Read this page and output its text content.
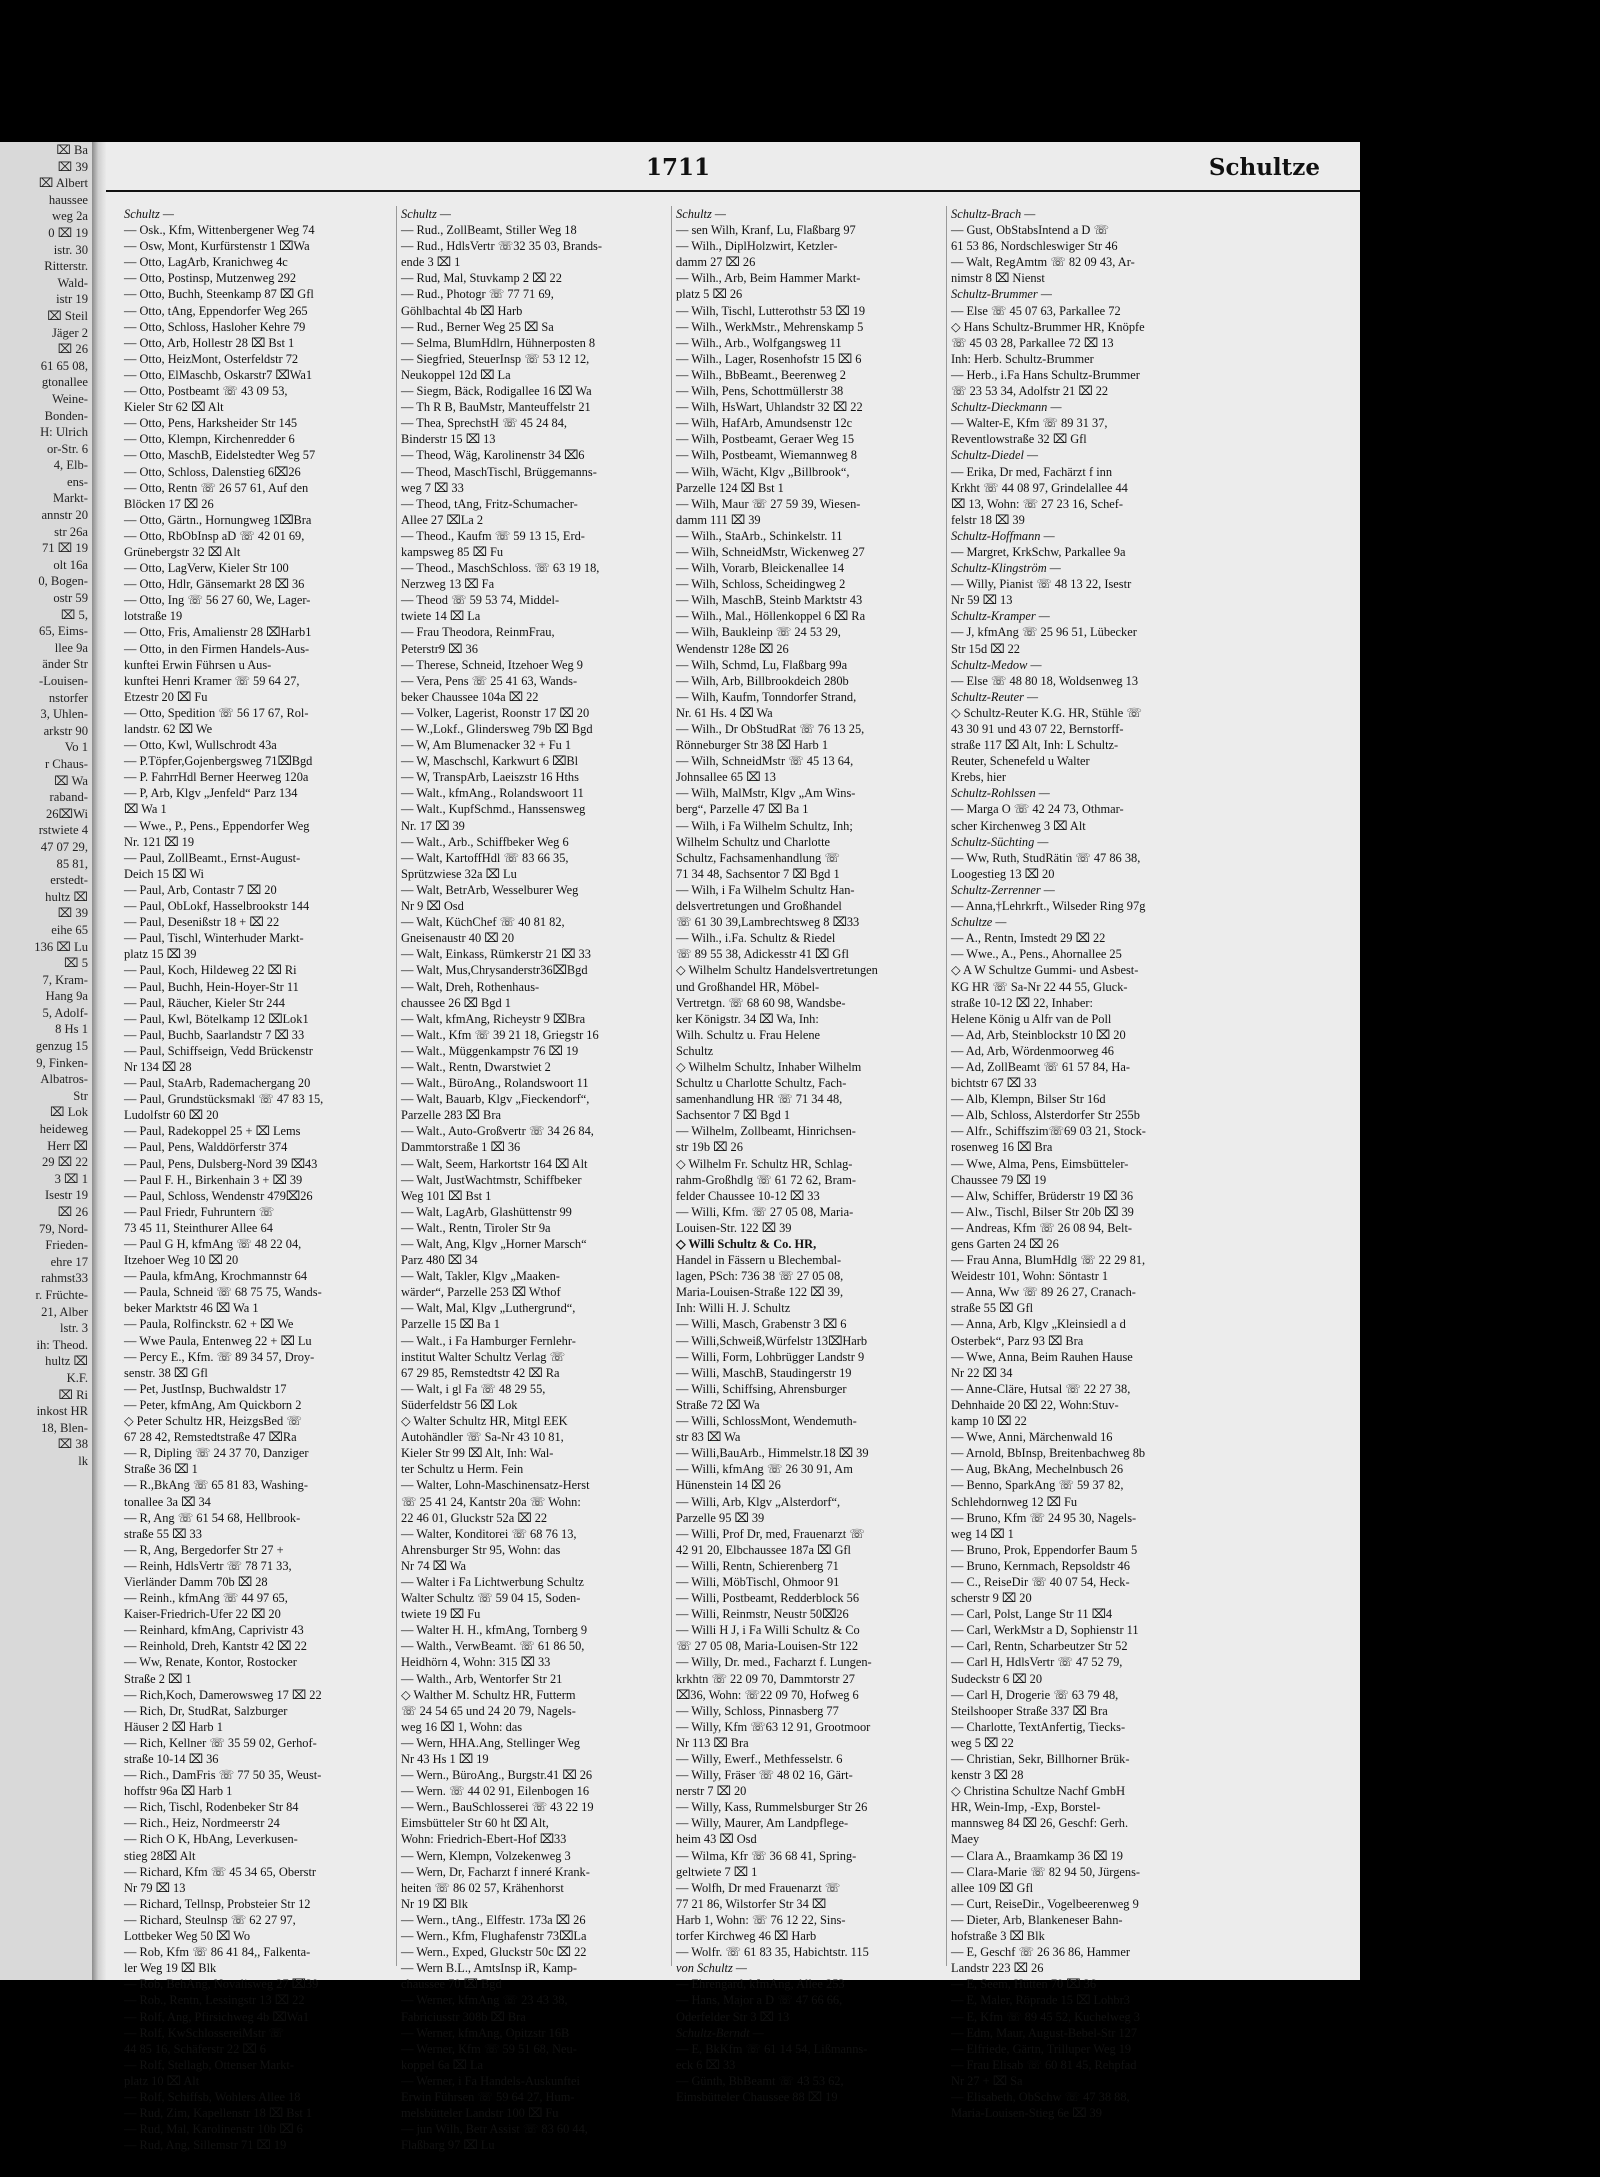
⌧ Ba
⌧ 39
⌧ Albert
haussee
weg 2a
0 ⌧ 19
istr. 30
Ritterstr.
Wald-
istr 19
⌧ Steil
Jäger 2
⌧ 26
61 65 08,
gtonallee
Weine-
Bonden-
H: Ulrich
or-Str. 6
4, Elb-
ens-
Markt-
annstr 20
str 26a
71 ⌧ 19
olt 16a
0, Bogen-
ostr 59
⌧ 5,
65, Eims-
llee 9a
änder Str
-Louisen-
nstorfer
3, Uhlen-
arkstr 90
Vo 1
r Chaus-
⌧ Wa
raband-
26⌧Wi
rstwiete 4
47 07 29,
85 81,
erstedt-
hultz ⌧
⌧ 39
eihe 65
136 ⌧ Lu
⌧ 5
7, Kram-
Hang 9a
5, Adolf-
8 Hs 1
genzug 15
9, Finken-
Albatros-
Str
⌧ Lok
heideweg
Herr ⌧
29 ⌧ 22
3 ⌧ 1
Isestr 19
⌧ 26
79, Nord-
Frieden-
ehre 17
rahmst33
r. Früchte-
21, Alber
lstr. 3
ih: Theod.
hultz ⌧
K.F.
⌧ Ri
inkost HR
18, Blen-
⌧ 38
lk
1711	Schultze
Schultz —
— Osk., Kfm, Wittenbergener Weg 74
— Osw, Mont, Kurfürstenstr 1 ⌧Wa
— Otto, LagArb, Kranichweg 4c
— Otto, Postinsp, Mutzenweg 292
— Otto, Buchh, Steenkamp 87 ⌧ Gfl
— Otto, tAng, Eppendorfer Weg 265
— Otto, Schloss, Hasloher Kehre 79
— Otto, Arb, Hollestr 28 ⌧ Bst 1
— Otto, HeizMont, Osterfeldstr 72
— Otto, ElMaschb, Oskarstr7 ⌧Wa1
— Otto, Postbeamt ☏ 43 09 53,
Kieler Str 62 ⌧ Alt
— Otto, Pens, Harksheider Str 145
— Otto, Klempn, Kirchenredder 6
— Otto, MaschB, Eidelstedter Weg 57
— Otto, Schloss, Dalenstieg 6⌧26
— Otto, Rentn ☏ 26 57 61, Auf den
Blöcken 17 ⌧ 26
— Otto, Gärtn., Hornungweg 1⌧Bra
— Otto, RbObInsp aD ☏ 42 01 69,
Grünebergstr 32 ⌧ Alt
— Otto, LagVerw, Kieler Str 100
— Otto, Hdlr, Gänsemarkt 28 ⌧ 36
— Otto, Ing ☏ 56 27 60, We, Lager-
lotstraße 19
— Otto, Fris, Amalienstr 28 ⌧Harb1
— Otto, in den Firmen Handels-Aus-
kunftei Erwin Führsen u Aus-
kunftei Henri Kramer ☏ 59 64 27,
Etzestr 20 ⌧ Fu
— Otto, Spedition ☏ 56 17 67, Rol-
landstr. 62 ⌧ We
— Otto, Kwl, Wullschrodt 43a
— P.Töpfer,Gojenbergsweg 71⌧Bgd
— P. FahrrHdl Berner Heerweg 120a
— P, Arb, Klgv „Jenfeld“ Parz 134
⌧ Wa 1
— Wwe., P., Pens., Eppendorfer Weg
Nr. 121 ⌧ 19
— Paul, ZollBeamt., Ernst-August-
Deich 15 ⌧ Wi
— Paul, Arb, Contastr 7 ⌧ 20
— Paul, ObLokf, Hasselbrookstr 144
— Paul, Desenißstr 18 + ⌧ 22
— Paul, Tischl, Winterhuder Markt-
platz 15 ⌧ 39
— Paul, Koch, Hildeweg 22 ⌧ Ri
— Paul, Buchh, Hein-Hoyer-Str 11
— Paul, Räucher, Kieler Str 244
— Paul, Kwl, Bötelkamp 12 ⌧Lok1
— Paul, Buchb, Saarlandstr 7 ⌧ 33
— Paul, Schiffseign, Vedd Brückenstr
Nr 134 ⌧ 28
— Paul, StaArb, Rademachergang 20
— Paul, Grundstücksmakl ☏ 47 83 15,
Ludolfstr 60 ⌧ 20
— Paul, Radekoppel 25 + ⌧ Lems
— Paul, Pens, Walddörferstr 374
— Paul, Pens, Dulsberg-Nord 39 ⌧43
— Paul F. H., Birkenhain 3 + ⌧ 39
— Paul, Schloss, Wendenstr 479⌧26
— Paul Friedr, Fuhruntern ☏
73 45 11, Steinthurer Allee 64
— Paul G H, kfmAng ☏ 48 22 04,
Itzehoer Weg 10 ⌧ 20
— Paula, kfmAng, Krochmannstr 64
— Paula, Schneid ☏ 68 75 75, Wands-
beker Marktstr 46 ⌧ Wa 1
— Paula, Rolfinckstr. 62 + ⌧ We
— Wwe Paula, Entenweg 22 + ⌧ Lu
— Percy E., Kfm. ☏ 89 34 57, Droy-
senstr. 38 ⌧ Gfl
— Pet, JustInsp, Buchwaldstr 17
— Peter, kfmAng, Am Quickborn 2
◇ Peter Schultz HR, HeizgsBed ☏
67 28 42, Remstedtstraße 47 ⌧Ra
— R, Dipling ☏ 24 37 70, Danziger
Straße 36 ⌧ 1
— R.,BkAng ☏ 65 81 83, Washing-
tonallee 3a ⌧ 34
— R, Ang ☏ 61 54 68, Hellbrook-
straße 55 ⌧ 33
— R, Ang, Bergedorfer Str 27 +
— Reinh, HdlsVertr ☏ 78 71 33,
Vierländer Damm 70b ⌧ 28
— Reinh., kfmAng ☏ 44 97 65,
Kaiser-Friedrich-Ufer 22 ⌧ 20
— Reinhard, kfmAng, Caprivistr 43
— Reinhold, Dreh, Kantstr 42 ⌧ 22
— Ww, Renate, Kontor, Rostocker
Straße 2 ⌧ 1
— Rich,Koch, Damerowsweg 17 ⌧ 22
— Rich, Dr, StudRat, Salzburger
Häuser 2 ⌧ Harb 1
— Rich, Kellner ☏ 35 59 02, Gerhof-
straße 10-14 ⌧ 36
— Rich., DamFris ☏ 77 50 35, Weust-
hoffstr 96a ⌧ Harb 1
— Rich, Tischl, Rodenbeker Str 84
— Rich., Heiz, Nordmeerstr 24
— Rich O K, HbAng, Leverkusen-
stieg 28⌧ Alt
— Richard, Kfm ☏ 45 34 65, Oberstr
Nr 79 ⌧ 13
— Richard, Tellnsp, Probsteier Str 12
— Richard, Steulnsp ☏ 62 27 97,
Lottbeker Weg 50 ⌧ Wo
— Rob, Kfm ☏ 86 41 84,, Falkenta-
ler Weg 19 ⌧ Blk
— Rob, BehAng, Novalisweg 27 ⌧39
— Rob., Rentn, Lessingstr 13 ⌧ 22
— Rolf, Ang, Pfirsichweg 4b ⌧Wa1
— Rolf, KwSchlossereiMstr ☏
44 85 16, Schäferstr 22 ⌧ 6
— Rolf, Stellagb, Ottenser Markt-
platz 10 ⌧ Alt
— Rolf, Schiffsb, Wohlers Allee 18
— Rud, Zim, Kapellenstr 18 ⌧ Bst 1
— Rud, Mal, Karolinenstr 10b ⌧ 6
— Rud, Ang, Sillemstr 71 ⌧ 19
Schultz —
— Rud., ZollBeamt, Stiller Weg 18
— Rud., HdlsVertr ☏32 35 03, Brands-
ende 3 ⌧ 1
— Rud, Mal, Stuvkamp 2 ⌧ 22
— Rud., Photogr ☏ 77 71 69,
Göhlbachtal 4b ⌧ Harb
— Rud., Berner Weg 25 ⌧ Sa
— Selma, BlumHdlrn, Hühnerposten 8
— Siegfried, SteuerInsp ☏ 53 12 12,
Neukoppel 12d ⌧ La
— Siegm, Bäck, Rodigallee 16 ⌧ Wa
— Th R B, BauMstr, Manteuffelstr 21
— Thea, SprechstH ☏ 45 24 84,
Binderstr 15 ⌧ 13
— Theod, Wäg, Karolinenstr 34 ⌧6
— Theod, MaschTischl, Brüggemanns-
weg 7 ⌧ 33
— Theod, tAng, Fritz-Schumacher-
Allee 27 ⌧La 2
— Theod., Kaufm ☏ 59 13 15, Erd-
kampsweg 85 ⌧ Fu
— Theod., MaschSchloss. ☏ 63 19 18,
Nerzweg 13 ⌧ Fa
— Theod ☏ 59 53 74, Middel-
twiete 14 ⌧ La
— Frau Theodora, ReinmFrau,
Peterstr9 ⌧ 36
— Therese, Schneid, Itzehoer Weg 9
— Vera, Pens ☏ 25 41 63, Wands-
beker Chaussee 104a ⌧ 22
— Volker, Lagerist, Roonstr 17 ⌧ 20
— W.,Lokf., Glindersweg 79b ⌧ Bgd
— W, Am Blumenacker 32 + Fu 1
— W, Maschschl, Karkwurt 6 ⌧Bl
— W, TranspArb, Laeiszstr 16 Hths
— Walt., kfmAng., Rolandswoort 11
— Walt., KupfSchmd., Hanssensweg
Nr. 17 ⌧ 39
— Walt., Arb., Schiffbeker Weg 6
— Walt, KartoffHdl ☏ 83 66 35,
Sprützwiese 32a ⌧ Lu
— Walt, BetrArb, Wesselburer Weg
Nr 9 ⌧ Osd
— Walt, KüchChef ☏ 40 81 82,
Gneisenaustr 40 ⌧ 20
— Walt, Einkass, Rümkerstr 21 ⌧ 33
— Walt, Mus,Chrysanderstr36⌧Bgd
— Walt, Dreh, Rothenhaus-
chaussee 26 ⌧ Bgd 1
— Walt, kfmAng, Richeystr 9 ⌧Bra
— Walt., Kfm ☏ 39 21 18, Griegstr 16
— Walt., Müggenkampstr 76 ⌧ 19
— Walt., Rentn, Dwarstwiet 2
— Walt., BüroAng., Rolandswoort 11
— Walt, Bauarb, Klgv „Fieckendorf“,
Parzelle 283 ⌧ Bra
— Walt., Auto-Großvertr ☏ 34 26 84,
Dammtorstraße 1 ⌧ 36
— Walt, Seem, Harkortstr 164 ⌧ Alt
— Walt, JustWachtmstr, Schiffbeker
Weg 101 ⌧ Bst 1
— Walt, LagArb, Glashüttenstr 99
— Walt., Rentn, Tiroler Str 9a
— Walt, Ang, Klgv „Horner Marsch“
Parz 480 ⌧ 34
— Walt, Takler, Klgv „Maaken-
wärder“, Parzelle 253 ⌧ Wthof
— Walt, Mal, Klgv „Luthergrund“,
Parzelle 15 ⌧ Ba 1
— Walt., i Fa Hamburger Fernlehr-
institut Walter Schultz Verlag ☏
67 29 85, Remstedtstr 42 ⌧ Ra
— Walt, i gl Fa ☏ 48 29 55,
Süderfeldstr 56 ⌧ Lok
◇ Walter Schultz HR, Mitgl EEK
Autohändler ☏ Sa-Nr 43 10 81,
Kieler Str 99 ⌧ Alt, Inh: Wal-
ter Schultz u Herm. Fein
— Walter, Lohn-Maschinensatz-Herst
☏ 25 41 24, Kantstr 20a ☏ Wohn:
22 46 01, Gluckstr 52a ⌧ 22
— Walter, Konditorei ☏ 68 76 13,
Ahrensburger Str 95, Wohn: das
Nr 74 ⌧ Wa
— Walter i Fa Lichtwerbung Schultz
Walter Schultz ☏ 59 04 15, Soden-
twiete 19 ⌧ Fu
— Walter H. H., kfmAng, Tornberg 9
— Walth., VerwBeamt. ☏ 61 86 50,
Heidhörn 4, Wohn: 315 ⌧ 33
— Walth., Arb, Wentorfer Str 21
◇ Walther M. Schultz HR, Futterm
☏ 24 54 65 und 24 20 79, Nagels-
weg 16 ⌧ 1, Wohn: das
— Wern, HHA.Ang, Stellinger Weg
Nr 43 Hs 1 ⌧ 19
— Wern., BüroAng., Burgstr.41 ⌧ 26
— Wern. ☏ 44 02 91, Eilenbogen 16
— Wern., BauSchlosserei ☏ 43 22 19
Eimsbütteler Str 60 ht ⌧ Alt,
Wohn: Friedrich-Ebert-Hof ⌧33
— Wern, Klempn, Volzekenweg 3
— Wern, Dr, Facharzt f inneré Krank-
heiten ☏ 86 02 57, Krähenhorst
Nr 19 ⌧ Blk
— Wern., tAng., Elffestr. 173a ⌧ 26
— Wern., Kfm, Flughafenstr 73⌧La
— Wern., Exped, Gluckstr 50c ⌧ 22
— Wern B.L., AmtsInsp iR, Kamp-
chaussee 70 ⌧ Bgd
— Werner, kfmAng ☏ 23 43 38,
Fabriciusstr 308b ⌧ Bra
— Werner, kfmAng, Opitzstr 16B
— Werner, Kfm ☏ 59 51 68, Neu-
koppel 6a ⌧ La
— Werner, i Fa Handels-Auskunftei
Erwin Führsen ☏ 59 64 27, Hum-
melsbütteler Landstr 100 ⌧ Fu
— jun Wilh, Betr Assist ☏ 83 60 44,
Flaßbarg 97 ⌧ Lu
Schultz —
— sen Wilh, Kranf, Lu, Flaßbarg 97
— Wilh., DiplHolzwirt, Ketzler-
damm 27 ⌧ 26
— Wilh., Arb, Beim Hammer Markt-
platz 5 ⌧ 26
— Wilh, Tischl, Lutterothstr 53 ⌧ 19
— Wilh., WerkMstr., Mehrenskamp 5
— Wilh., Arb., Wolfgangsweg 11
— Wilh., Lager, Rosenhofstr 15 ⌧ 6
— Wilh., BbBeamt., Beerenweg 2
— Wilh, Pens, Schottmüllerstr 38
— Wilh, HsWart, Uhlandstr 32 ⌧ 22
— Wilh, HafArb, Amundsenstr 12c
— Wilh, Postbeamt, Geraer Weg 15
— Wilh, Postbeamt, Wiemannweg 8
— Wilh, Wächt, Klgv „Billbrook“,
Parzelle 124 ⌧ Bst 1
— Wilh, Maur ☏ 27 59 39, Wiesen-
damm 111 ⌧ 39
— Wilh., StaArb., Schinkelstr. 11
— Wilh, SchneidMstr, Wickenweg 27
— Wilh, Vorarb, Bleickenallee 14
— Wilh, Schloss, Scheidingweg 2
— Wilh, MaschB, Steinb Marktstr 43
— Wilh., Mal., Höllenkoppel 6 ⌧ Ra
— Wilh, Baukleinp ☏ 24 53 29,
Wendenstr 128e ⌧ 26
— Wilh, Schmd, Lu, Flaßbarg 99a
— Wilh, Arb, Billbrookdeich 280b
— Wilh, Kaufm, Tonndorfer Strand,
Nr. 61 Hs. 4 ⌧ Wa
— Wilh., Dr ObStudRat ☏ 76 13 25,
Rönneburger Str 38 ⌧ Harb 1
— Wilh, SchneidMstr ☏ 45 13 64,
Johnsallee 65 ⌧ 13
— Wilh, MalMstr, Klgv „Am Wins-
berg“, Parzelle 47 ⌧ Ba 1
— Wilh, i Fa Wilhelm Schultz, Inh;
Wilhelm Schultz und Charlotte
Schultz, Fachsamenhandlung ☏
71 34 48, Sachsentor 7 ⌧ Bgd 1
— Wilh, i Fa Wilhelm Schultz Han-
delsvertretungen und Großhandel
☏ 61 30 39,Lambrechtsweg 8 ⌧33
— Wilh., i.Fa. Schultz & Riedel
☏ 89 55 38, Adickesstr 41 ⌧ Gfl
◇ Wilhelm Schultz Handelsvertretungen
und Großhandel HR, Möbel-
Vertretgn. ☏ 68 60 98, Wandsbe-
ker Königstr. 34 ⌧ Wa, Inh:
Wilh. Schultz u. Frau Helene
Schultz
◇ Wilhelm Schultz, Inhaber Wilhelm
Schultz u Charlotte Schultz, Fach-
samenhandlung HR ☏ 71 34 48,
Sachsentor 7 ⌧ Bgd 1
— Wilhelm, Zollbeamt, Hinrichsen-
str 19b ⌧ 26
◇ Wilhelm Fr. Schultz HR, Schlag-
rahm-Großhdlg ☏ 61 72 62, Bram-
felder Chaussee 10-12 ⌧ 33
— Willi, Kfm. ☏ 27 05 08, Maria-
Louisen-Str. 122 ⌧ 39
◇ Willi Schultz & Co. HR,
Handel in Fässern u Blechembal-
lagen, PSch: 736 38 ☏ 27 05 08,
Maria-Louisen-Straße 122 ⌧ 39,
Inh: Willi H. J. Schultz
— Willi, Masch, Grabenstr 3 ⌧ 6
— Willi,Schweiß,Würfelstr 13⌧Harb
— Willi, Form, Lohbrügger Landstr 9
— Willi, MaschB, Staudingerstr 19
— Willi, Schiffsing, Ahrensburger
Straße 72 ⌧ Wa
— Willi, SchlossMont, Wendemuth-
str 83 ⌧ Wa
— Willi,BauArb., Himmelstr.18 ⌧ 39
— Willi, kfmAng ☏ 26 30 91, Am
Hünenstein 14 ⌧ 26
— Willi, Arb, Klgv „Alsterdorf“,
Parzelle 95 ⌧ 39
— Willi, Prof Dr, med, Frauenarzt ☏
42 91 20, Elbchaussee 187a ⌧ Gfl
— Willi, Rentn, Schierenberg 71
— Willi, MöbTischl, Ohmoor 91
— Willi, Postbeamt, Redderblock 56
— Willi, Reinmstr, Neustr 50⌧26
— Willi H J, i Fa Willi Schultz & Co
☏ 27 05 08, Maria-Louisen-Str 122
— Willy, Dr. med., Facharzt f. Lungen-
krkhtn ☏ 22 09 70, Dammtorstr 27
⌧36, Wohn: ☏22 09 70, Hofweg 6
— Willy, Schloss, Pinnasberg 77
— Willy, Kfm ☏63 12 91, Grootmoor
Nr 113 ⌧ Bra
— Willy, Ewerf., Methfesselstr. 6
— Willy, Fräser ☏ 48 02 16, Gärt-
nerstr 7 ⌧ 20
— Willy, Kass, Rummelsburger Str 26
— Willy, Maurer, Am Landpflege-
heim 43 ⌧ Osd
— Wilma, Kfr ☏ 36 68 41, Spring-
geltwiete 7 ⌧ 1
— Wolfh, Dr med Frauenarzt ☏
77 21 86, Wilstorfer Str 34 ⌧
Harb 1, Wohn: ☏ 76 12 22, Sins-
torfer Kirchweg 46 ⌧ Harb
— Wolfr. ☏ 61 83 35, Habichtstr. 115
von Schultz —
— Ehrengard, kfmAng, Allee 253
— Hans, Major a D ☏ 47 66 66,
Oderfelder Str 3 ⌧ 13
Schultz-Berndt —
— E, BkKfm ☏ 61 14 54, Lißmanns-
eck 6 ⌧ 33
— Günth, BbBeamt ☏ 43 53 62,
Eimsbütteler Chaussee 88 ⌧ 19
Schultz-Brach —
— Gust, ObStabsIntend a D ☏
61 53 86, Nordschleswiger Str 46
— Walt, RegAmtm ☏ 82 09 43, Ar-
nimstr 8 ⌧ Nienst
Schultz-Brummer —
— Else ☏ 45 07 63, Parkallee 72
◇ Hans Schultz-Brummer HR, Knöpfe
☏ 45 03 28, Parkallee 72 ⌧ 13
Inh: Herb. Schultz-Brummer
— Herb., i.Fa Hans Schultz-Brummer
☏ 23 53 34, Adolfstr 21 ⌧ 22
Schultz-Dieckmann —
— Walter-E, Kfm ☏ 89 31 37,
Reventlowstraße 32 ⌧ Gfl
Schultz-Diedel —
— Erika, Dr med, Fachärzt f inn
Krkht ☏ 44 08 97, Grindelallee 44
⌧ 13, Wohn: ☏ 27 23 16, Schef-
felstr 18 ⌧ 39
Schultz-Hoffmann —
— Margret, KrkSchw, Parkallee 9a
Schultz-Klingström —
— Willy, Pianist ☏ 48 13 22, Isestr
Nr 59 ⌧ 13
Schultz-Kramper —
— J, kfmAng ☏ 25 96 51, Lübecker
Str 15d ⌧ 22
Schultz-Medow —
— Else ☏ 48 80 18, Woldsenweg 13
Schultz-Reuter —
◇ Schultz-Reuter K.G. HR, Stühle ☏
43 30 91 und 43 07 22, Bernstorff-
straße 117 ⌧ Alt, Inh: L Schultz-
Reuter, Schenefeld u Walter
Krebs, hier
Schultz-Rohlssen —
— Marga O ☏ 42 24 73, Othmar-
scher Kirchenweg 3 ⌧ Alt
Schultz-Süchting —
— Ww, Ruth, StudRätin ☏ 47 86 38,
Loogestieg 13 ⌧ 20
Schultz-Zerrenner —
— Anna,†Lehrkrft., Wilseder Ring 97g
Schultze —
— A., Rentn, Imstedt 29 ⌧ 22
— Wwe., A., Pens., Ahornallee 25
◇ A W Schultze Gummi- und Asbest-
KG HR ☏ Sa-Nr 22 44 55, Gluck-
straße 10-12 ⌧ 22, Inhaber:
Helene König u Alfr van de Poll
— Ad, Arb, Steinblockstr 10 ⌧ 20
— Ad, Arb, Wördenmoorweg 46
— Ad, ZollBeamt ☏ 61 57 84, Ha-
bichtstr 67 ⌧ 33
— Alb, Klempn, Bilser Str 16d
— Alb, Schloss, Alsterdorfer Str 255b
— Alfr., Schiffszim☏69 03 21, Stock-
rosenweg 16 ⌧ Bra
— Wwe, Alma, Pens, Eimsbütteler-
Chaussee 79 ⌧ 19
— Alw, Schiffer, Brüderstr 19 ⌧ 36
— Alw., Tischl, Bilser Str 20b ⌧ 39
— Andreas, Kfm ☏ 26 08 94, Belt-
gens Garten 24 ⌧ 26
— Frau Anna, BlumHdlg ☏ 22 29 81,
Weidestr 101, Wohn: Söntastr 1
— Anna, Ww ☏ 89 26 27, Cranach-
straße 55 ⌧ Gfl
— Anna, Arb, Klgv „Kleinsiedl a d
Osterbek“, Parz 93 ⌧ Bra
— Wwe, Anna, Beim Rauhen Hause
Nr 22 ⌧ 34
— Anne-Cläre, Hutsal ☏ 22 27 38,
Dehnhaide 20 ⌧ 22, Wohn:Stuv-
kamp 10 ⌧ 22
— Wwe, Anni, Märchenwald 16
— Arnold, BbInsp, Breitenbachweg 8b
— Aug, BkAng, Mechelnbusch 26
— Benno, SparkAng ☏ 59 37 82,
Schlehdornweg 12 ⌧ Fu
— Bruno, Kfm ☏ 24 95 30, Nagels-
weg 14 ⌧ 1
— Bruno, Prok, Eppendorfer Baum 5
— Bruno, Kernmach, Repsoldstr 46
— C., ReiseDir ☏ 40 07 54, Heck-
scherstr 9 ⌧ 20
— Carl, Polst, Lange Str 11 ⌧4
— Carl, WerkMstr a D, Sophienstr 11
— Carl, Rentn, Scharbeutzer Str 52
— Carl H, HdlsVertr ☏ 47 52 79,
Sudeckstr 6 ⌧ 20
— Carl H, Drogerie ☏ 63 79 48,
Steilshooper Straße 337 ⌧ Bra
— Charlotte, TextAnfertig, Tiecks-
weg 5 ⌧ 22
— Christian, Sekr, Billhorner Brük-
kenstr 3 ⌧ 28
◇ Christina Schultze Nachf GmbH
HR, Wein-Imp, -Exp, Borstel-
mannsweg 84 ⌧ 26, Geschf: Gerh.
Maey
— Clara A., Braamkamp 36 ⌧ 19
— Clara-Marie ☏ 82 94 50, Jürgens-
allee 109 ⌧ Gfl
— Curt, ReiseDir., Vogelbeerenweg 9
— Dieter, Arb, Blankeneser Bahn-
hofstraße 3 ⌧ Blk
— E, Geschf ☏ 26 36 86, Hammer
Landstr 223 ⌧ 26
— E, Seem, Hütten 70 ⌧ 36
— E, Maler, Röprade 15 ⌧ Lohbr3
— E, Kfm ☏ 89 45 52, Kuchelweg 3
— Edm, Maur, August-Bebel-Str 127
— Elfriede, Gärtn, Trilluper Weg 19
— Frau Elisab ☏ 60 81 45, Rehpfad
Nr 27 + ⌧ Sa
— Elisabeth, ObSchw ☏ 47 38 88,
Maria-Louisen-Stieg 6e ⌧ 39
